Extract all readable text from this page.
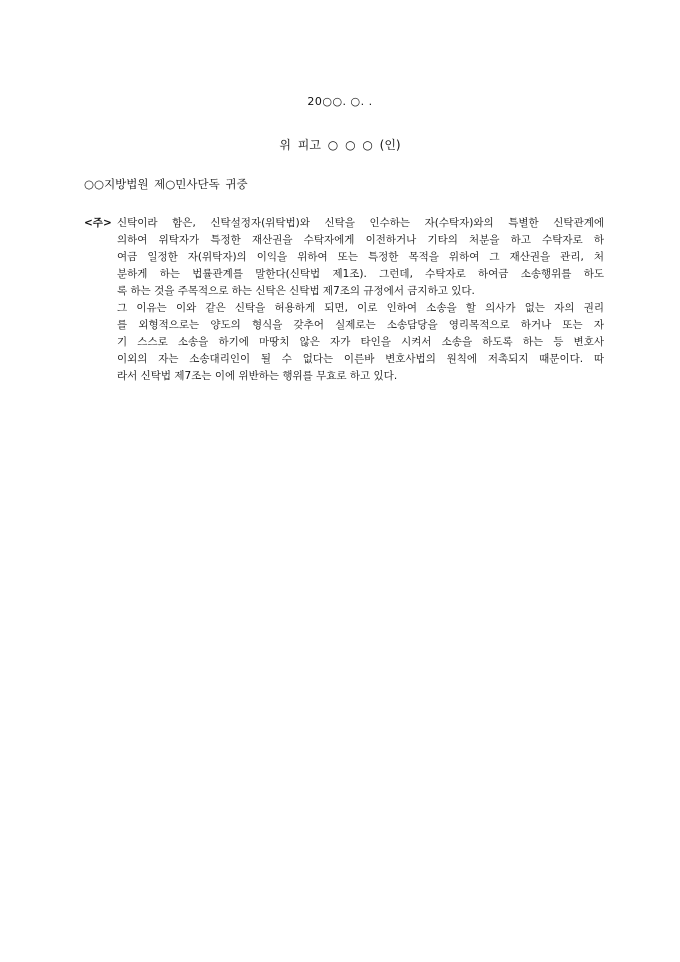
20○○. ○. .
위 피고 ○ ○ ○ (인)
○○지방법원 제○민사단독 귀중
<주> 신탁이라 함은, 신탁설정자(위탁법)와 신탁을 인수하는 자(수탁자)와의 특별한 신탁관계에
의하여 위탁자가 특정한 재산권을 수탁자에게 이전하거나 기타의 처분을 하고 수탁자로 하
여금 일정한 자(위탁자)의 이익을 위하여 또는 특정한 목적을 위하여 그 재산권을 관리, 처
분하게 하는 법률관계를 말한다(신탁법 제1조). 그런데, 수탁자로 하여금 소송행위를 하도
록 하는 것을 주목적으로 하는 신탁은 신탁법 제7조의 규정에서 금지하고 있다.
그 이유는 이와 같은 신탁을 허용하게 되면, 이로 인하여 소송을 할 의사가 없는 자의 권리
를 외형적으로는 양도의 형식을 갖추어 실제로는 소송담당을 영리목적으로 하거나 또는 자
기 스스로 소송을 하기에 마땅치 않은 자가 타인을 시켜서 소송을 하도록 하는 등 변호사
이외의 자는 소송대리인이 될 수 없다는 이른바 변호사법의 원칙에 저촉되지 때문이다. 따
라서 신탁법 제7조는 이에 위반하는 행위를 무효로 하고 있다.
